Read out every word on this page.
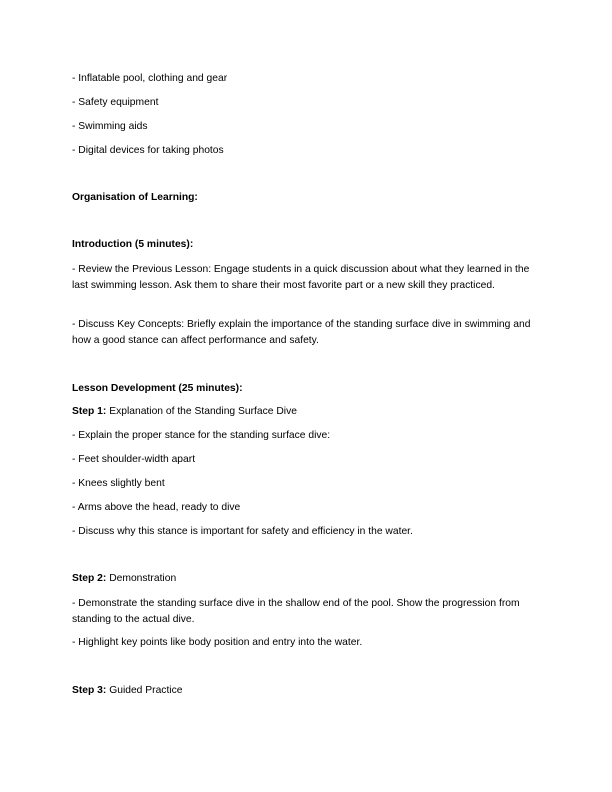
- Inflatable pool, clothing and gear
- Safety equipment
- Swimming aids
- Digital devices for taking photos
Organisation of Learning:
Introduction (5 minutes):
- Review the Previous Lesson: Engage students in a quick discussion about what they learned in the last swimming lesson. Ask them to share their most favorite part or a new skill they practiced.
- Discuss Key Concepts: Briefly explain the importance of the standing surface dive in swimming and how a good stance can affect performance and safety.
Lesson Development (25 minutes):
Step 1: Explanation of the Standing Surface Dive
- Explain the proper stance for the standing surface dive:
- Feet shoulder-width apart
- Knees slightly bent
- Arms above the head, ready to dive
- Discuss why this stance is important for safety and efficiency in the water.
Step 2: Demonstration
- Demonstrate the standing surface dive in the shallow end of the pool. Show the progression from standing to the actual dive.
- Highlight key points like body position and entry into the water.
Step 3: Guided Practice
